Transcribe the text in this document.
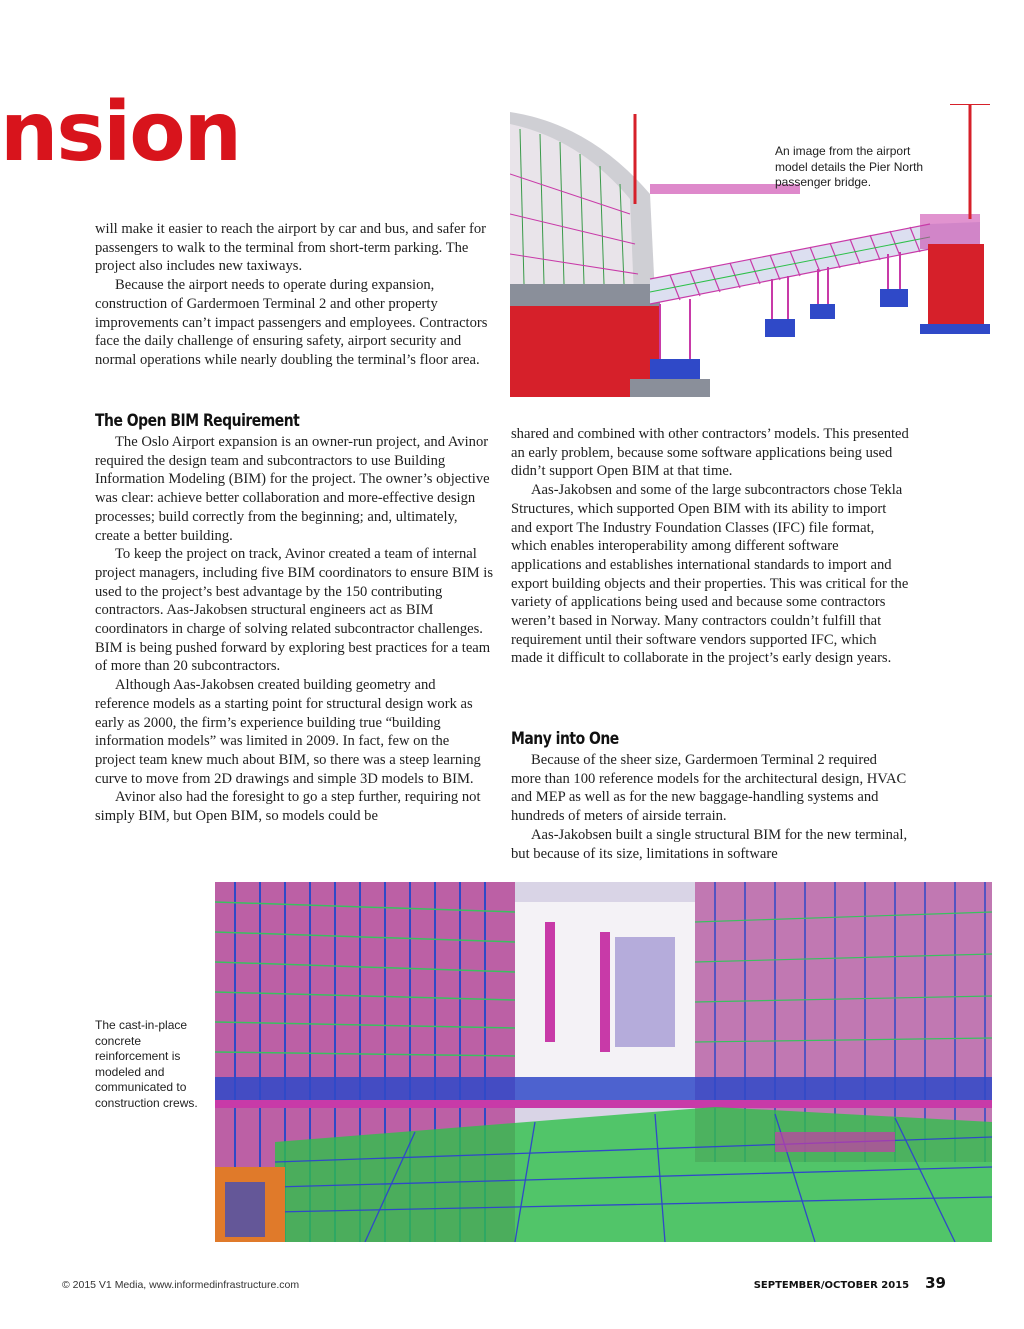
nsion	An image from the airport model details the Pier North passenger bridge.

will make it easier to reach the airport by car and bus, and safer for passengers to walk to the terminal from short-term parking. The project also includes new taxiways.

Because the airport needs to operate during expansion, construction of Gardermoen Terminal 2 and other property improvements can’t impact passengers and employees. Contractors face the daily challenge of ensuring safety, airport security and normal operations while nearly doubling the terminal’s floor area.

The Open BIM Requirement

The Oslo Airport expansion is an owner-run project, and Avinor required the design team and subcontractors to use Building Information Modeling (BIM) for the project. The owner’s objective was clear: achieve better collaboration and more-effective design processes; build correctly from the beginning; and, ultimately, create a better building.

To keep the project on track, Avinor created a team of internal project managers, including five BIM coordinators to ensure BIM is used to the project’s best advantage by the 150 contributing contractors. Aas-Jakobsen structural engineers act as BIM coordinators in charge of solving related subcontractor challenges. BIM is being pushed forward by exploring best practices for a team of more than 20 subcontractors.

Although Aas-Jakobsen created building geometry and reference models as a starting point for structural design work as early as 2000, the firm’s experience building true “building information models” was limited in 2009. In fact, few on the project team knew much about BIM, so there was a steep learning curve to move from 2D drawings and simple 3D models to BIM.

Avinor also had the foresight to go a step further, requiring not simply BIM, but Open BIM, so models could be

shared and combined with other contractors’ models. This presented an early problem, because some software applications being used didn’t support Open BIM at that time.

Aas-Jakobsen and some of the large subcontractors chose Tekla Structures, which supported Open BIM with its ability to import and export The Industry Foundation Classes (IFC) file format, which enables interoperability among different software applications and establishes international standards to import and export building objects and their properties. This was critical for the variety of applications being used and because some contractors weren’t based in Norway. Many contractors couldn’t fulfill that requirement until their software vendors supported IFC, which made it difficult to collaborate in the project’s early design years.

Many into One

Because of the sheer size, Gardermoen Terminal 2 required more than 100 reference models for the architectural design, HVAC and MEP as well as for the new baggage-handling systems and hundreds of meters of airside terrain.

Aas-Jakobsen built a single structural BIM for the new terminal, but because of its size, limitations in software

The cast-in-place concrete reinforcement is modeled and communicated to construction crews.
© 2015 V1 Media, www.informedinfrastructure.com	SEPTEMBER/OCTOBER 2015 39
